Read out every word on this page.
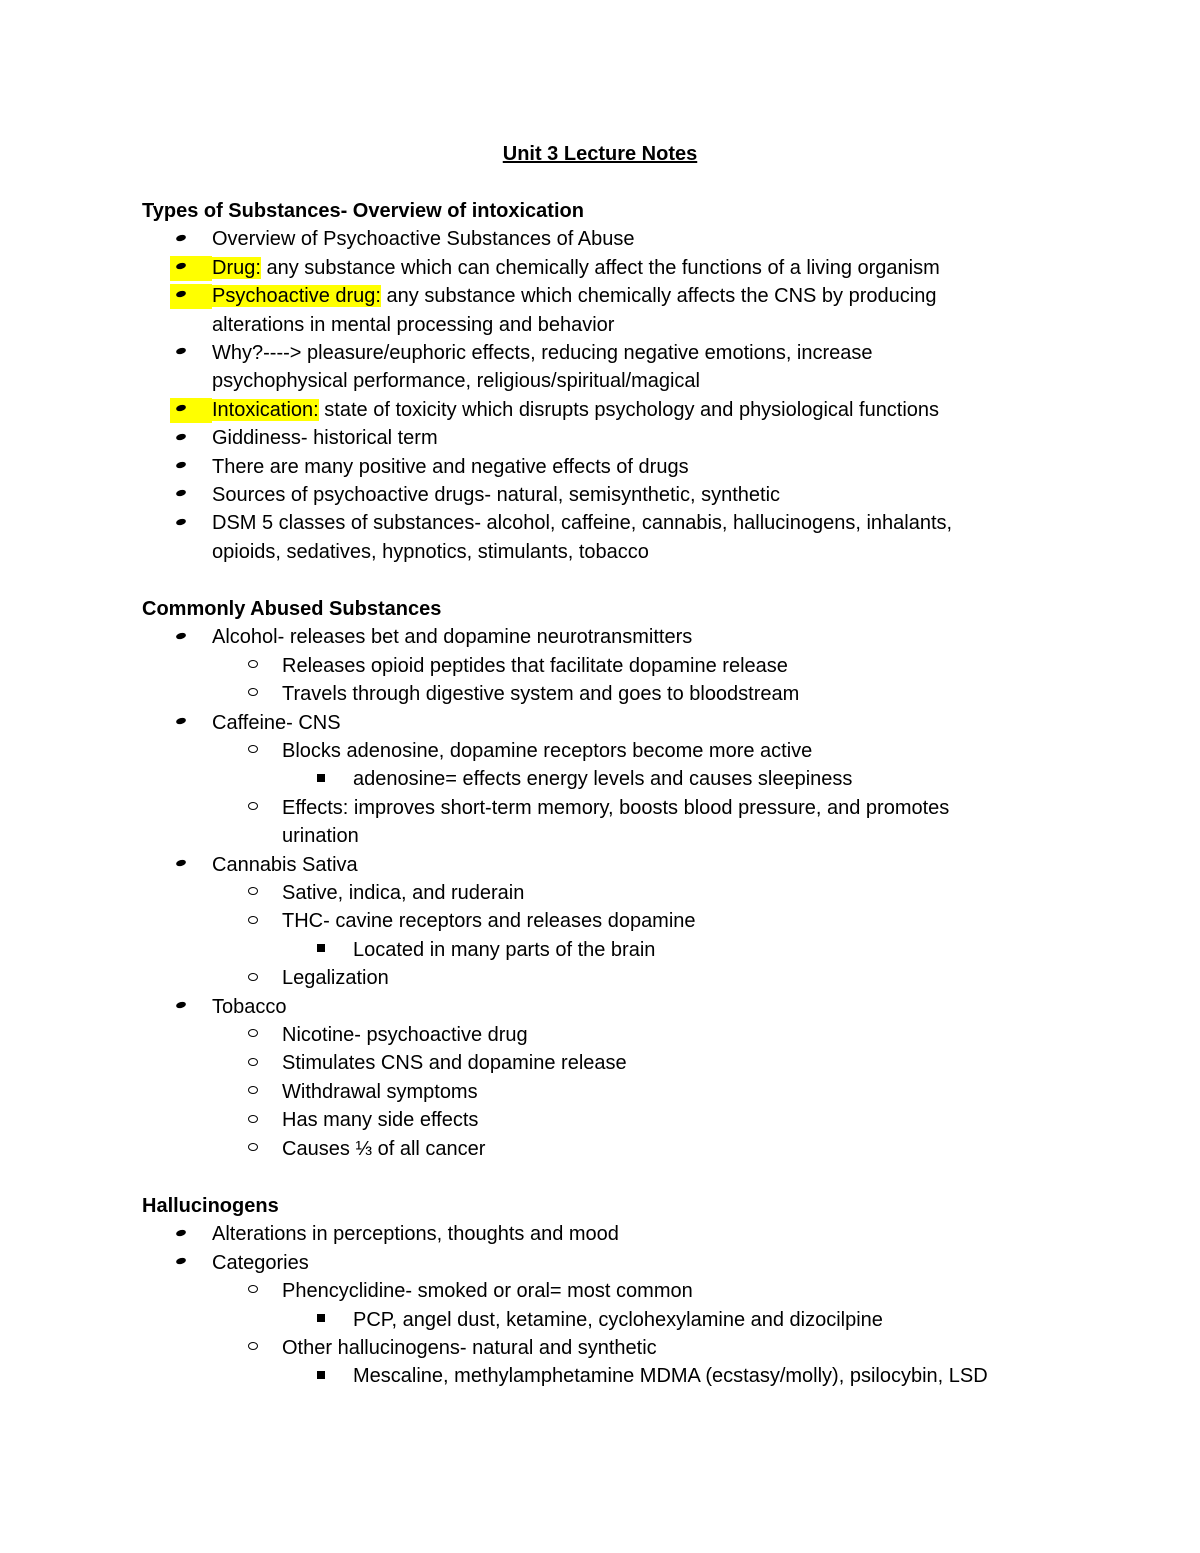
Unit 3 Lecture Notes
Types of Substances- Overview of intoxication
Overview of Psychoactive Substances of Abuse
Drug: any substance which can chemically affect the functions of a living organism
Psychoactive drug: any substance which chemically affects the CNS by producing
alterations in mental processing and behavior
Why?----> pleasure/euphoric effects, reducing negative emotions, increase
psychophysical performance, religious/spiritual/magical
Intoxication: state of toxicity which disrupts psychology and physiological functions
Giddiness- historical term
There are many positive and negative effects of drugs
Sources of psychoactive drugs- natural, semisynthetic, synthetic
DSM 5 classes of substances- alcohol, caffeine, cannabis, hallucinogens, inhalants,
opioids, sedatives, hypnotics, stimulants, tobacco
Commonly Abused Substances
Alcohol- releases bet and dopamine neurotransmitters
Releases opioid peptides that facilitate dopamine release
Travels through digestive system and goes to bloodstream
Caffeine- CNS
Blocks adenosine, dopamine receptors become more active
adenosine= effects energy levels and causes sleepiness
Effects: improves short-term memory, boosts blood pressure, and promotes
urination
Cannabis Sativa
Sative, indica, and ruderain
THC- cavine receptors and releases dopamine
Located in many parts of the brain
Legalization
Tobacco
Nicotine- psychoactive drug
Stimulates CNS and dopamine release
Withdrawal symptoms
Has many side effects
Causes ⅓ of all cancer
Hallucinogens
Alterations in perceptions, thoughts and mood
Categories
Phencyclidine- smoked or oral= most common
PCP, angel dust, ketamine, cyclohexylamine and dizocilpine
Other hallucinogens- natural and synthetic
Mescaline, methylamphetamine MDMA (ecstasy/molly), psilocybin, LSD
